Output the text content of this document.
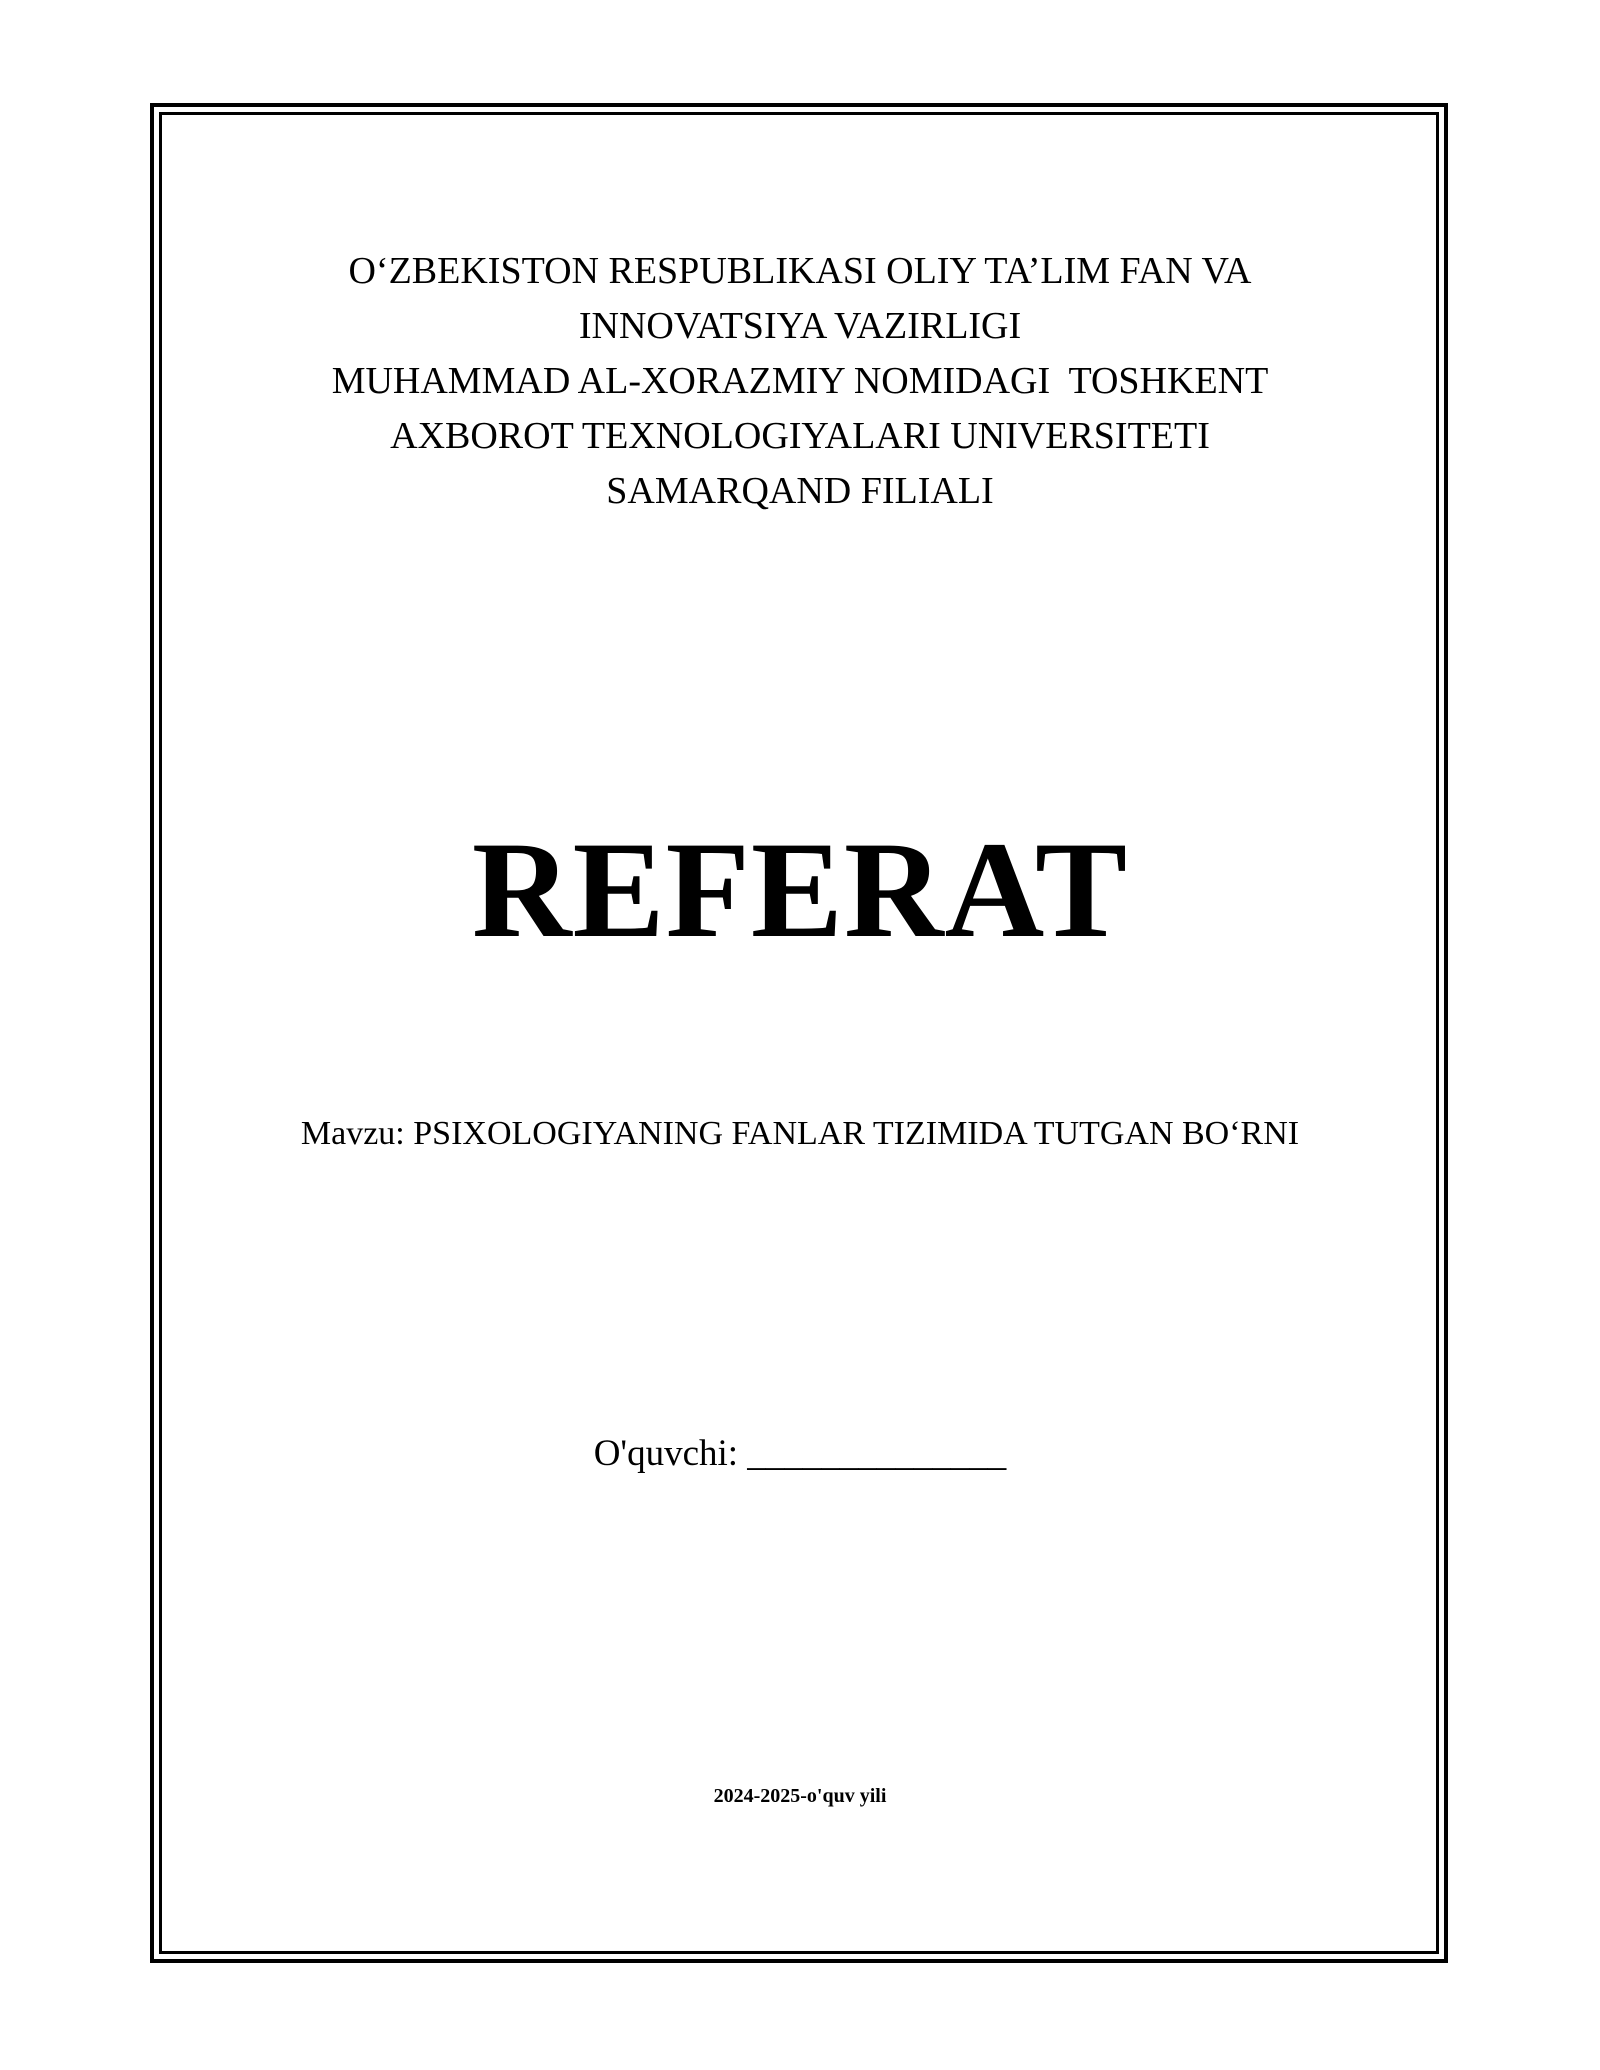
O‘ZBEKISTON RESPUBLIKASI OLIY TA’LIM FAN VA
INNOVATSIYA VAZIRLIGI
MUHAMMAD AL-XORAZMIY NOMIDAGI  TOSHKENT
AXBOROT TEXNOLOGIYALARI UNIVERSITETI
SAMARQAND FILIALI
REFERAT
Mavzu: PSIXOLOGIYANING FANLAR TIZIMIDA TUTGAN BO‘RNI
O'quvchi: ______________
2024-2025-o'quv yili
